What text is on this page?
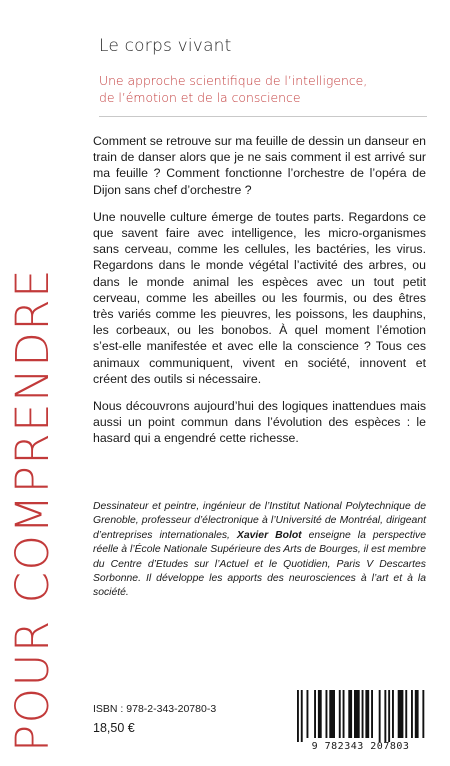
Le corps vivant
Une approche scientifique de l’intelligence,
de l’émotion et de la conscience
POUR COMPRENDRE

Comment se retrouve sur ma feuille de dessin un danseur en train de danser alors que je ne sais comment il est arrivé sur ma feuille ? Comment fonctionne l’orchestre de l’opéra de Dijon sans chef d’orchestre ?

Une nouvelle culture émerge de toutes parts. Regardons ce que savent faire avec intelligence, les micro-organismes sans cerveau, comme les cellules, les bactéries, les virus. Regardons dans le monde végétal l’activité des arbres, ou dans le monde animal les espèces avec un tout petit cerveau, comme les abeilles ou les fourmis, ou des êtres très variés comme les pieuvres, les poissons, les dauphins, les corbeaux, ou les bonobos. À quel moment l’émotion s’est-elle manifestée et avec elle la conscience ? Tous ces animaux communiquent, vivent en société, innovent et créent des outils si nécessaire.

Nous découvrons aujourd’hui des logiques inattendues mais aussi un point commun dans l’évolution des espèces : le hasard qui a engendré cette richesse.

Dessinateur et peintre, ingénieur de l’Institut National Polytechnique de Grenoble, professeur d’électronique à l’Université de Montréal, dirigeant d’entreprises internationales, Xavier Bolot enseigne la perspective réelle à l’École Nationale Supérieure des Arts de Bourges, il est membre du Centre d’Etudes sur l’Actuel et le Quotidien, Paris V Descartes Sorbonne. Il développe les apports des neurosciences à l’art et à la société.
ISBN : 978-2-343-20780-3
18,50 €
9 782343 207803
